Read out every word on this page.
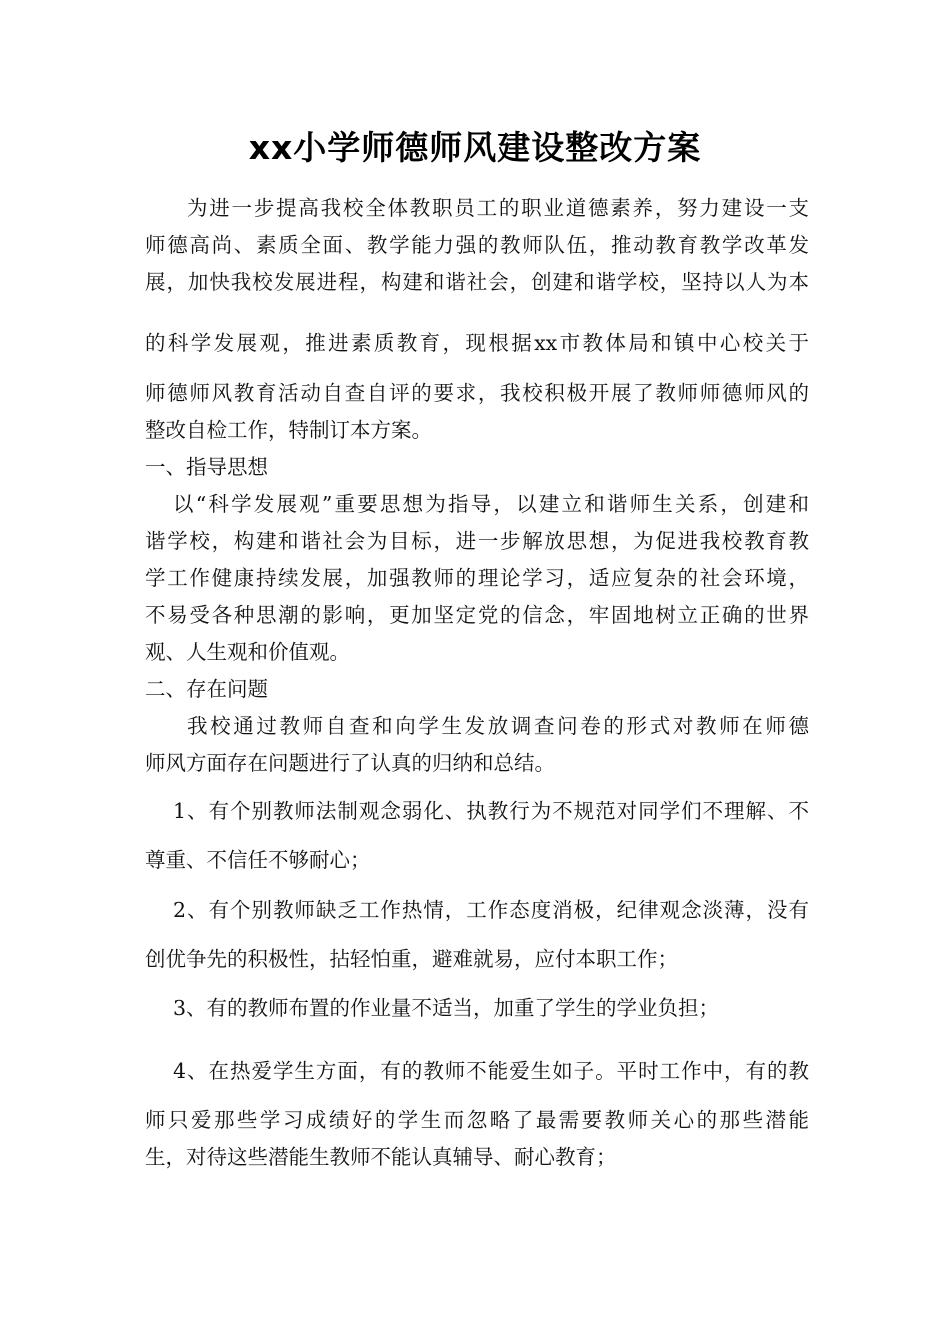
xx小学师德师风建设整改方案
为进一步提高我校全体教职员工的职业道德素养，努力建设一支
师德高尚、素质全面、教学能力强的教师队伍，推动教育教学改革发
展，加快我校发展进程，构建和谐社会，创建和谐学校，坚持以人为本
的科学发展观，推进素质教育，现根据xx市教体局和镇中心校关于
师德师风教育活动自查自评的要求，我校积极开展了教师师德师风的
整改自检工作，特制订本方案。
一、指导思想
以“科学发展观”重要思想为指导，以建立和谐师生关系，创建和
谐学校，构建和谐社会为目标，进一步解放思想，为促进我校教育教
学工作健康持续发展，加强教师的理论学习，适应复杂的社会环境，
不易受各种思潮的影响，更加坚定党的信念，牢固地树立正确的世界
观、人生观和价值观。
二、存在问题
我校通过教师自查和向学生发放调查问卷的形式对教师在师德
师风方面存在问题进行了认真的归纳和总结。
1、有个别教师法制观念弱化、执教行为不规范对同学们不理解、不
尊重、不信任不够耐心；
2、有个别教师缺乏工作热情，工作态度消极，纪律观念淡薄，没有
创优争先的积极性，拈轻怕重，避难就易，应付本职工作；
3、有的教师布置的作业量不适当，加重了学生的学业负担；
4、在热爱学生方面，有的教师不能爱生如子。平时工作中，有的教
师只爱那些学习成绩好的学生而忽略了最需要教师关心的那些潜能
生，对待这些潜能生教师不能认真辅导、耐心教育；
